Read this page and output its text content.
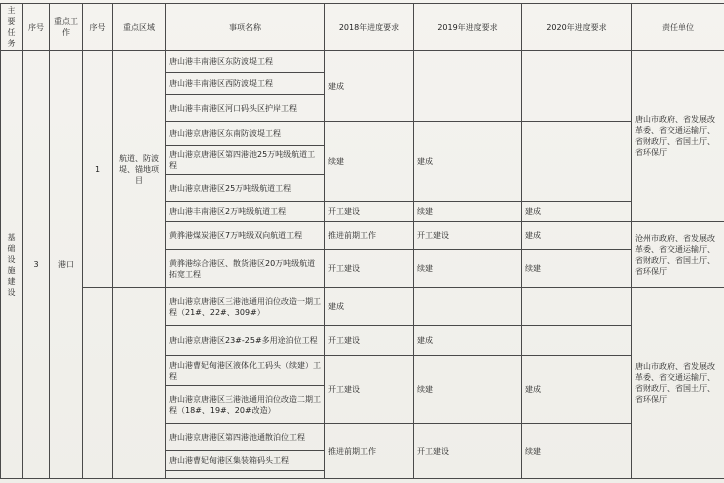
主要任务	序号	重点工作	序号	重点区域	事项名称	2018年进度要求	2019年进度要求	2020年进度要求	责任单位
基础设施建设	3	港口	1	航道、防波堤、锚地项目	唐山港丰南港区东防波堤工程	建成			唐山市政府、省发展改革委、省交通运输厅、省财政厅、省国土厅、省环保厅
					唐山港丰南港区西防波堤工程				
					唐山港丰南港区河口码头区护岸工程				
					唐山港京唐港区东南防波堤工程	续建	建成		
					唐山港京唐港区第四港池25万吨级航道工程				
					唐山港京唐港区25万吨级航道工程				
					唐山港丰南港区2万吨级航道工程	开工建设	续建	建成	
					黄骅港煤炭港区7万吨级双向航道工程	推进前期工作	开工建设	建成	沧州市政府、省发展改革委、省交通运输厅、省财政厅、省国土厅、省环保厅
					黄骅港综合港区、散货港区20万吨级航道拓宽工程	开工建设	续建	续建	
					唐山港京唐港区三港池通用泊位改造一期工程（21#、22#、309#）	建成			唐山市政府、省发展改革委、省交通运输厅、省财政厅、省国土厅、省环保厅
					唐山港京唐港区23#-25#多用途泊位工程	开工建设	建成		
					唐山港曹妃甸港区液体化工码头（续建）工程	开工建设	续建	建成	
					唐山港京唐港区三港池通用泊位改造二期工程（18#、19#、20#改造）				
					唐山港京唐港区第四港池通散泊位工程	推进前期工作	开工建设	续建	
					唐山港曹妃甸港区集装箱码头工程				
